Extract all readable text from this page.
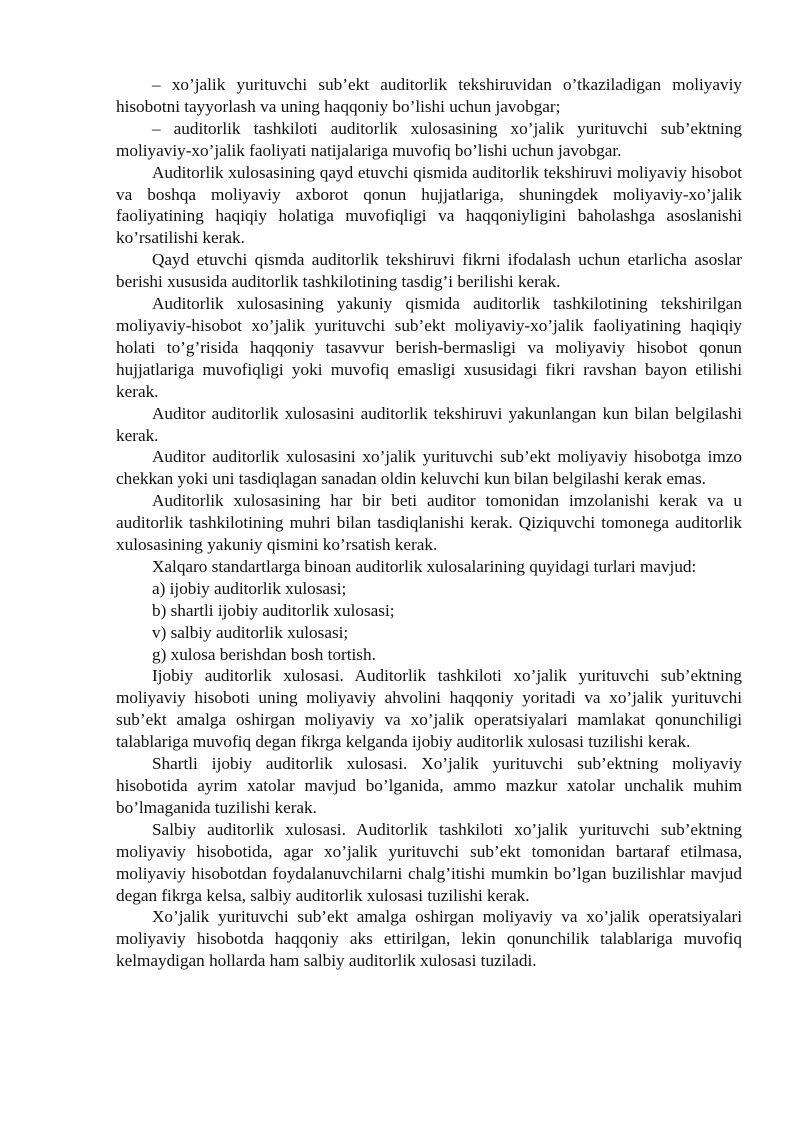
– xo’jalik yurituvchi sub’ekt auditorlik tekshiruvidan o’tkaziladigan moliyaviy hisobotni tayyorlash va uning haqqoniy bo’lishi uchun javobgar;

– auditorlik tashkiloti auditorlik xulosasining xo’jalik yurituvchi sub’ektning moliyaviy-xo’jalik faoliyati natijalariga muvofiq bo’lishi uchun javobgar.

Auditorlik xulosasining qayd etuvchi qismida auditorlik tekshiruvi moliyaviy hisobot va boshqa moliyaviy axborot qonun hujjatlariga, shuningdek moliyaviy-xo’jalik faoliyatining haqiqiy holatiga muvofiqligi va haqqoniyligini baholashga asoslanishi ko’rsatilishi kerak.

Qayd etuvchi qismda auditorlik tekshiruvi fikrni ifodalash uchun etarlicha asoslar berishi xususida auditorlik tashkilotining tasdig’i berilishi kerak.

Auditorlik xulosasining yakuniy qismida auditorlik tashkilotining tekshirilgan moliyaviy-hisobot xo’jalik yurituvchi sub’ekt moliyaviy-xo’jalik faoliyatining haqiqiy holati to’g’risida haqqoniy tasavvur berish-bermasligi va moliyaviy hisobot qonun hujjatlariga muvofiqligi yoki muvofiq emasligi xususidagi fikri ravshan bayon etilishi kerak.

Auditor auditorlik xulosasini auditorlik tekshiruvi yakunlangan kun bilan belgilashi kerak.

Auditor auditorlik xulosasini xo’jalik yurituvchi sub’ekt moliyaviy hisobotga imzo chekkan yoki uni tasdiqlagan sanadan oldin keluvchi kun bilan belgilashi kerak emas.

Auditorlik xulosasining har bir beti auditor tomonidan imzolanishi kerak va u auditorlik tashkilotining muhri bilan tasdiqlanishi kerak. Qiziquvchi tomonega auditorlik xulosasining yakuniy qismini ko’rsatish kerak.

Xalqaro standartlarga binoan auditorlik xulosalarining quyidagi turlari mavjud:

a) ijobiy auditorlik xulosasi;

b) shartli ijobiy auditorlik xulosasi;

v) salbiy auditorlik xulosasi;

g) xulosa berishdan bosh tortish.

Ijobiy auditorlik xulosasi. Auditorlik tashkiloti xo’jalik yurituvchi sub’ektning moliyaviy hisoboti uning moliyaviy ahvolini haqqoniy yoritadi va xo’jalik yurituvchi sub’ekt amalga oshirgan moliyaviy va xo’jalik operatsiyalari mamlakat qonunchiligi talablariga muvofiq degan fikrga kelganda ijobiy auditorlik xulosasi tuzilishi kerak.

Shartli ijobiy auditorlik xulosasi. Xo’jalik yurituvchi sub’ektning moliyaviy hisobotida ayrim xatolar mavjud bo’lganida, ammo mazkur xatolar unchalik muhim bo’lmaganida tuzilishi kerak.

Salbiy auditorlik xulosasi. Auditorlik tashkiloti xo’jalik yurituvchi sub’ektning moliyaviy hisobotida, agar xo’jalik yurituvchi sub’ekt tomonidan bartaraf etilmasa, moliyaviy hisobotdan foydalanuvchilarni chalg’itishi mumkin bo’lgan buzilishlar mavjud degan fikrga kelsa, salbiy auditorlik xulosasi tuzilishi kerak.

Xo’jalik yurituvchi sub’ekt amalga oshirgan moliyaviy va xo’jalik operatsiyalari moliyaviy hisobotda haqqoniy aks ettirilgan, lekin qonunchilik talablariga muvofiq kelmaydigan hollarda ham salbiy auditorlik xulosasi tuziladi.
